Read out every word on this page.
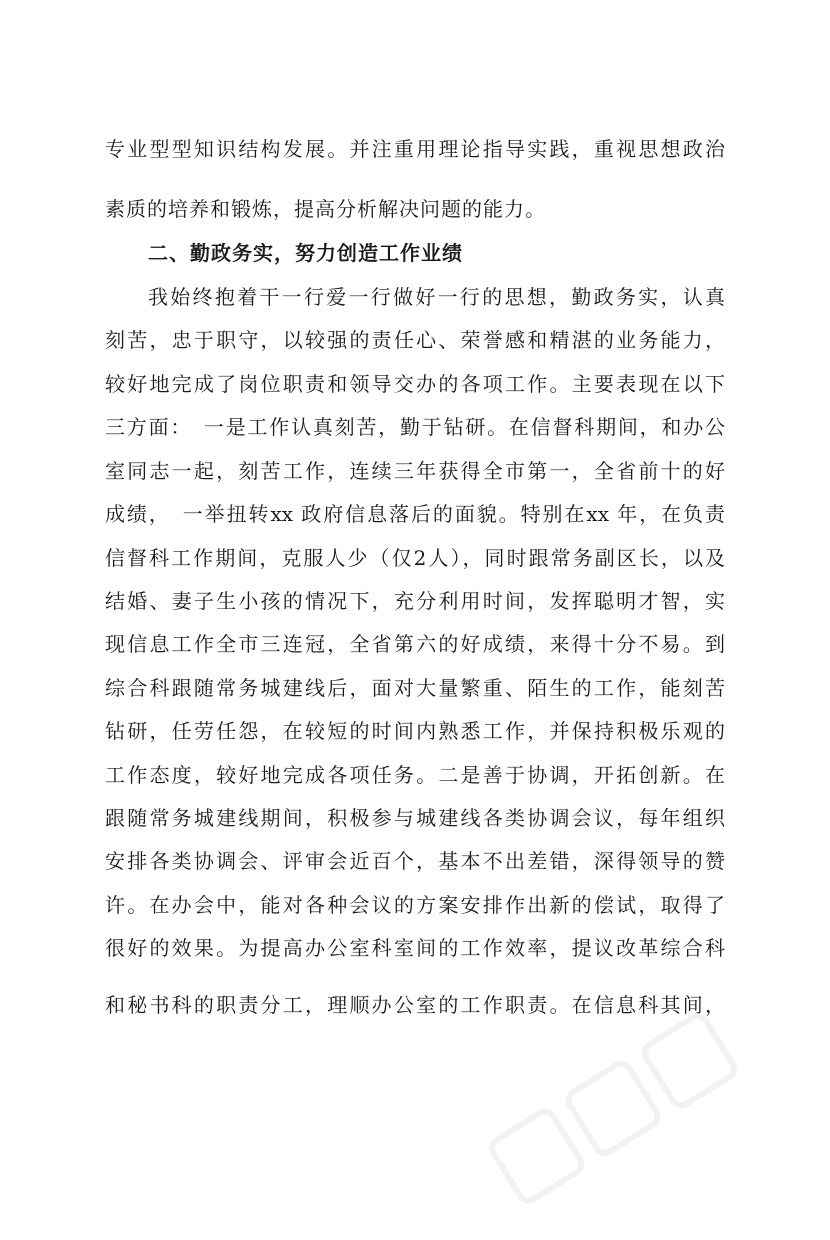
专业型型知识结构发展。并注重用理论指导实践，重视思想政治
素质的培养和锻炼，提高分析解决问题的能力。
二、勤政务实，努力创造工作业绩
我始终抱着干一行爱一行做好一行的思想，勤政务实，认真
刻苦，忠于职守，以较强的责任心、荣誉感和精湛的业务能力，
较好地完成了岗位职责和领导交办的各项工作。主要表现在以下
三方面：　一是工作认真刻苦，勤于钻研。在信督科期间，和办公
室同志一起，刻苦工作，连续三年获得全市第一，全省前十的好
成绩，　一举扭转xx 政府信息落后的面貌。特别在xx 年，在负责
信督科工作期间，克服人少（仅2人），同时跟常务副区长，以及
结婚、妻子生小孩的情况下，充分利用时间，发挥聪明才智，实
现信息工作全市三连冠，全省第六的好成绩，来得十分不易。到
综合科跟随常务城建线后，面对大量繁重、陌生的工作，能刻苦
钻研，任劳任怨，在较短的时间内熟悉工作，并保持积极乐观的
工作态度，较好地完成各项任务。二是善于协调，开拓创新。在
跟随常务城建线期间，积极参与城建线各类协调会议，每年组织
安排各类协调会、评审会近百个，基本不出差错，深得领导的赞
许。在办会中，能对各种会议的方案安排作出新的偿试，取得了
很好的效果。为提高办公室科室间的工作效率，提议改革综合科
和秘书科的职责分工，理顺办公室的工作职责。在信息科其间，
